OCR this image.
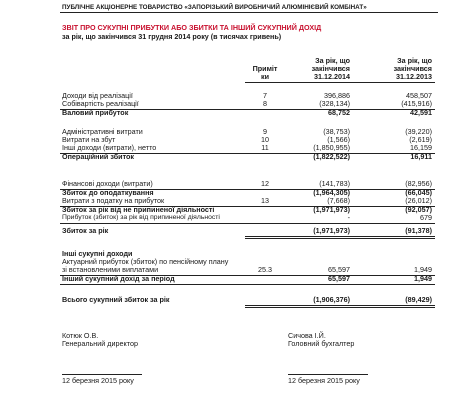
ПУБЛІЧНЕ АКЦІОНЕРНЕ ТОВАРИСТВО «ЗАПОРІЗЬКИЙ ВИРОБНИЧИЙ АЛЮМІНІЄВИЙ КОМБІНАТ»
ЗВІТ ПРО СУКУПНІ ПРИБУТКИ АБО ЗБИТКИ ТА ІНШИЙ СУКУПНИЙ ДОХІД
за рік, що закінчився 31 грудня 2014 року (в тисячах гривень)
Приміт
ки
За рік, що
закінчився
31.12.2014
За рік, що
закінчився
31.12.2013
Доходи від реалізації	7	396,886	458,507
Собівартість реалізації	8	(328,134)	(415,916)
Валовий прибуток	68,752	42,591
Адміністративні витрати	9	(38,753)	(39,220)
Витрати на збут	10	(1,566)	(2,619)
Інші доходи (витрати), нетто	11	(1,850,955)	16,159
Операційний збиток	(1,822,522)	16,911
Фінансові доходи (витрати)	12	(141,783)	(82,956)
Збиток до оподаткування	(1,964,305)	(66,045)
Витрати з податку на прибуток	13	(7,668)	(26,012)
Збиток за рік від не припиненої діяльності	(1,971,973)	(92,057)
Прибуток (збиток) за рік від припиненої діяльності	-	679
Збиток за рік	(1,971,973)	(91,378)
Інші сукупні доходи
Актуарний прибуток (збиток) по пенсійному плану
зі встановленими виплатами	25.3	65,597	1,949
Інший сукупний дохід за період	65,597	1,949
Всього сукупний збиток за рік	(1,906,376)	(89,429)
Котюк О.В.
Генеральний директор
Сичова І.Й.
Головний бухгалтер
12 березня 2015 року	12 березня 2015 року
